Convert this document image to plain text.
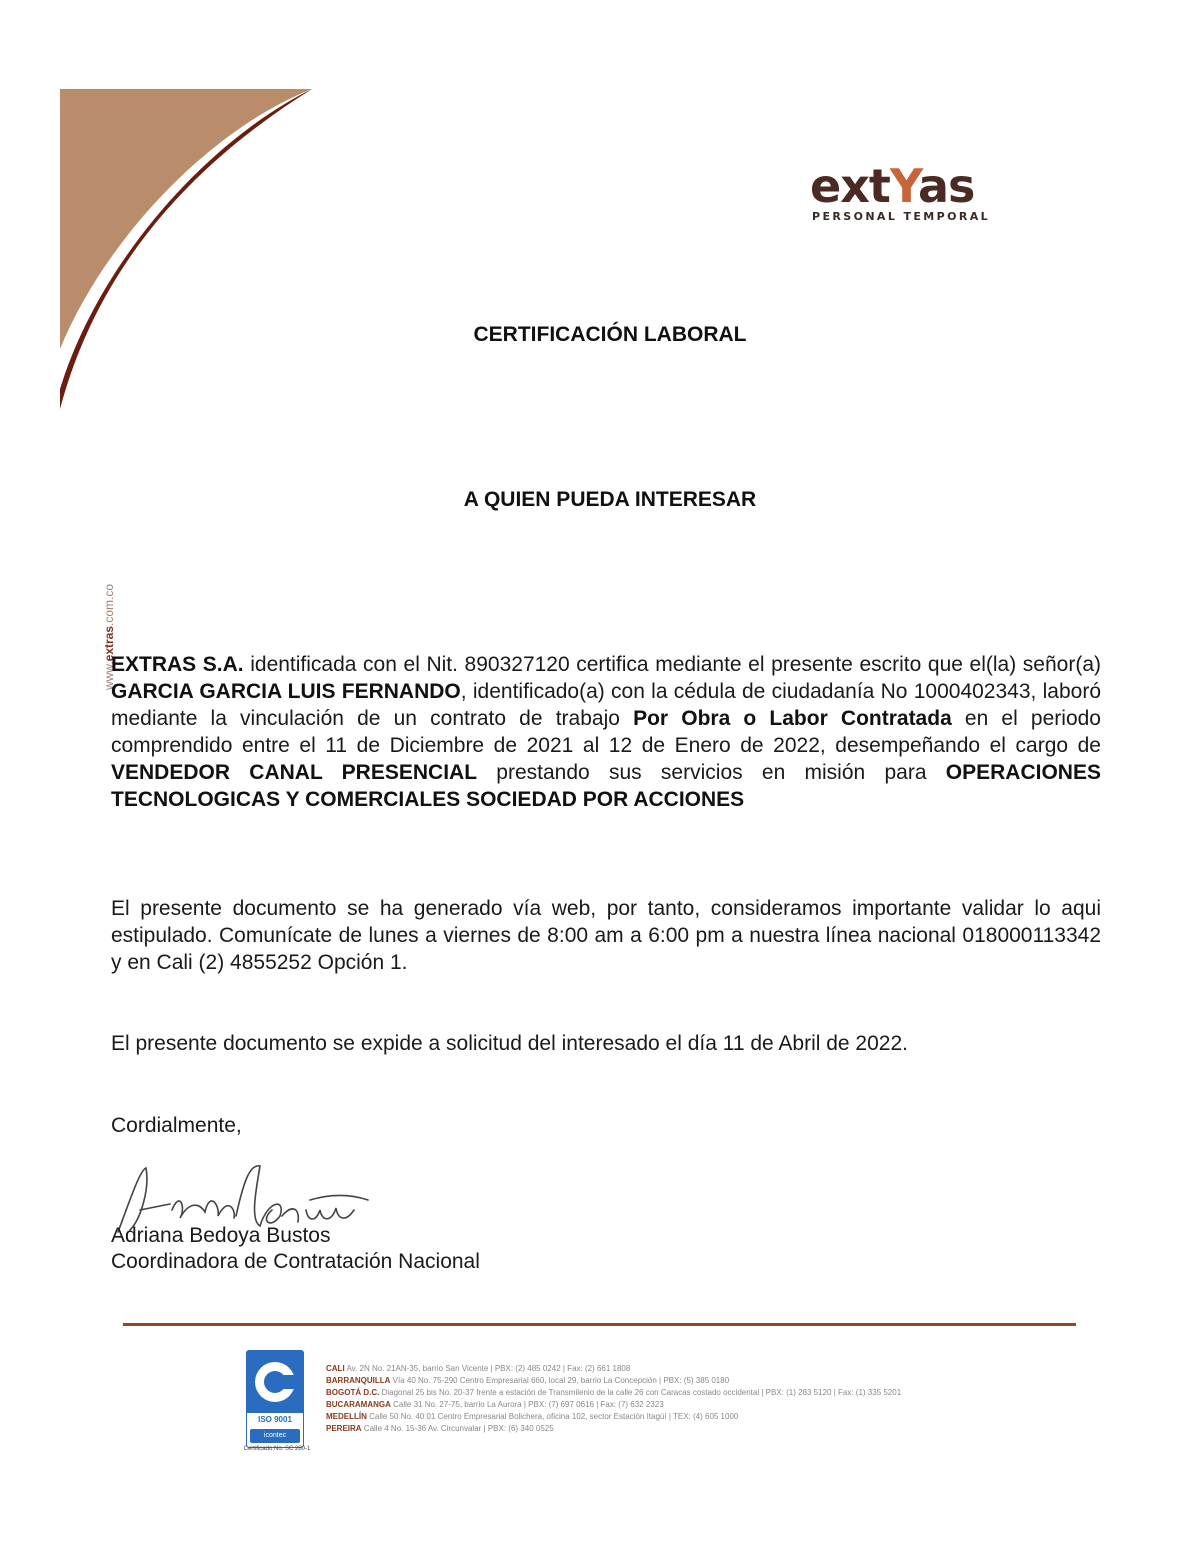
extYas
PERSONAL TEMPORAL
www.extras.com.co
CERTIFICACIÓN LABORAL
A QUIEN PUEDA INTERESAR
EXTRAS S.A. identificada con el Nit. 890327120 certifica mediante el presente escrito que el(la) señor(a) GARCIA GARCIA LUIS FERNANDO, identificado(a) con la cédula de ciudadanía No 1000402343, laboró mediante la vinculación de un contrato de trabajo Por Obra o Labor Contratada en el periodo comprendido entre el 11 de Diciembre de 2021 al 12 de Enero de 2022, desempeñando el cargo de VENDEDOR CANAL PRESENCIAL prestando sus servicios en misión para OPERACIONES TECNOLOGICAS Y COMERCIALES SOCIEDAD POR ACCIONES
El presente documento se ha generado vía web, por tanto, consideramos importante validar lo aqui estipulado. Comunícate de lunes a viernes de 8:00 am a 6:00 pm a nuestra línea nacional 018000113342 y en Cali (2) 4855252 Opción 1.
El presente documento se expide a solicitud del interesado el día 11 de Abril de 2022.
Cordialmente,
Adriana Bedoya Bustos
Coordinadora de Contratación Nacional
ISO 9001
icontec
Certificado No. SC 280-1
CALI Av. 2N No. 21AN-35, barrio San Vicente | PBX: (2) 485 0242 | Fax: (2) 661 1808
BARRANQUILLA Vía 40 No. 75-290 Centro Empresarial 660, local 29, barrio La Concepción | PBX: (5) 385 0180
BOGOTÁ D.C. Diagonal 25 bis No. 20-37 frente a estación de Transmilenio de la calle 26 con Caracas costado occidental | PBX: (1) 283 5120 | Fax: (1) 335 5201
BUCARAMANGA Calle 31 No. 27-75, barrio La Aurora | PBX: (7) 697 0616 | Fax: (7) 632 2323
MEDELLÍN Calle 50 No. 40 01 Centro Empresarial Bolichera, oficina 102, sector Estación Itagüí | TEX: (4) 605 1000
PEREIRA Calle 4 No. 15-36 Av. Circunvalar | PBX: (6) 340 0525
